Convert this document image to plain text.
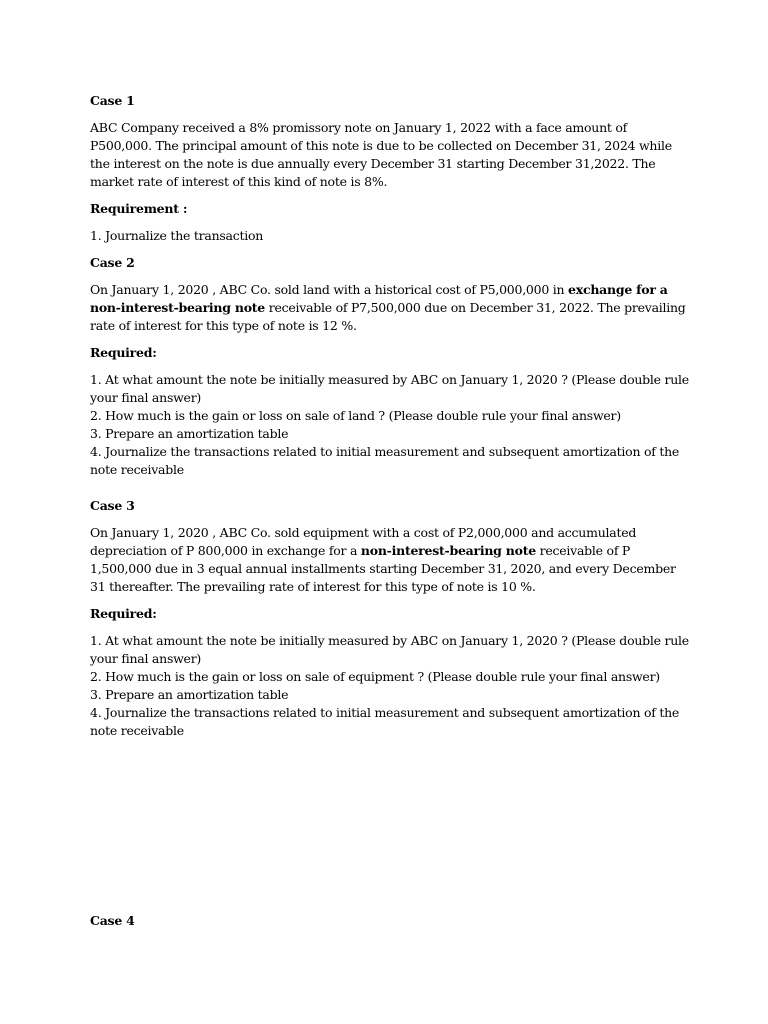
Case 1
ABC Company received a 8% promissory note on January 1, 2022 with a face amount of P500,000. The principal amount of this note is due to be collected on December 31, 2024 while the interest on the note is due annually every December 31 starting December 31,2022. The market rate of interest of this kind of note is 8%.
Requirement :
1. Journalize the transaction
Case 2
On January 1, 2020 , ABC Co. sold land with a historical cost of P5,000,000 in exchange for a non-interest-bearing note receivable of P7,500,000 due on December 31, 2022. The prevailing rate of interest for this type of note is 12 %.
Required:
1. At what amount the note be initially measured by ABC on January 1, 2020 ? (Please double rule your final answer)
2. How much is the gain or loss on sale of land ? (Please double rule your final answer)
3. Prepare an amortization table
4. Journalize the transactions related to initial measurement and subsequent amortization of the note receivable
Case 3
On January 1, 2020 , ABC Co. sold equipment with a cost of P2,000,000 and accumulated depreciation of P 800,000 in exchange for a non-interest-bearing note receivable of P 1,500,000 due in 3 equal annual installments starting December 31, 2020, and every December 31 thereafter. The prevailing rate of interest for this type of note is 10 %.
Required:
1. At what amount the note be initially measured by ABC on January 1, 2020 ? (Please double rule your final answer)
2. How much is the gain or loss on sale of equipment ? (Please double rule your final answer)
3. Prepare an amortization table
4. Journalize the transactions related to initial measurement and subsequent amortization of the note receivable
Case 4
